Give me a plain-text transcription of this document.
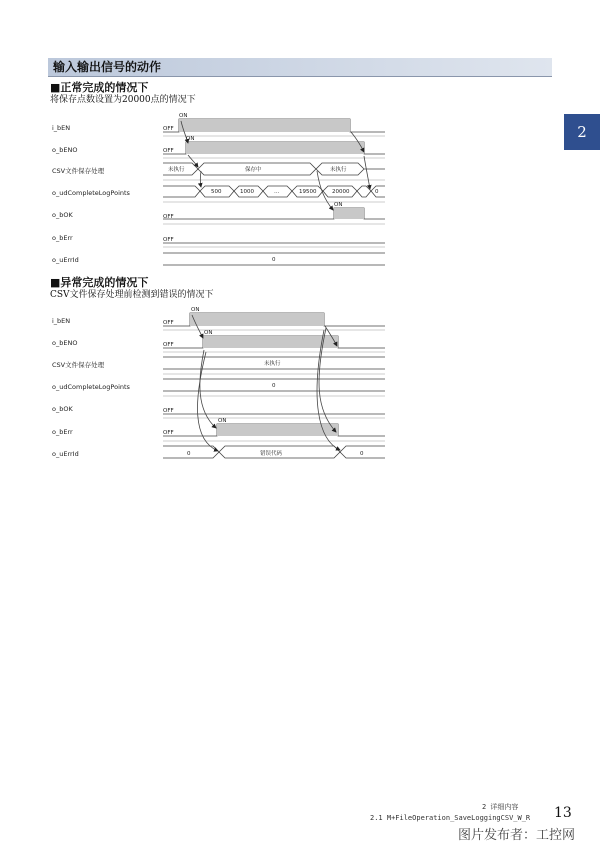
输入输出信号的动作
■正常完成的情况下
将保存点数设置为20000点的情况下
i_bEN
o_bENO
CSV文件保存处理
o_udCompleteLogPoints
o_bOK
o_bErr
o_uErrId
■异常完成的情况下
CSV文件保存处理前检测到错误的情况下
i_bEN
o_bENO
CSV文件保存处理
o_udCompleteLogPoints
o_bOK
o_bErr
o_uErrId
ON
OFF
ON
OFF
未执行	保存中	未执行
500	1000	…	19500	20000	0
ON
OFF
OFF
0
ON
OFF
ON
OFF
未执行
0
OFF
ON
OFF
0	错误代码	0
2
2 详细内容
2.1 M+FileOperation_SaveLoggingCSV_W_R 13
图片发布者：工控网
